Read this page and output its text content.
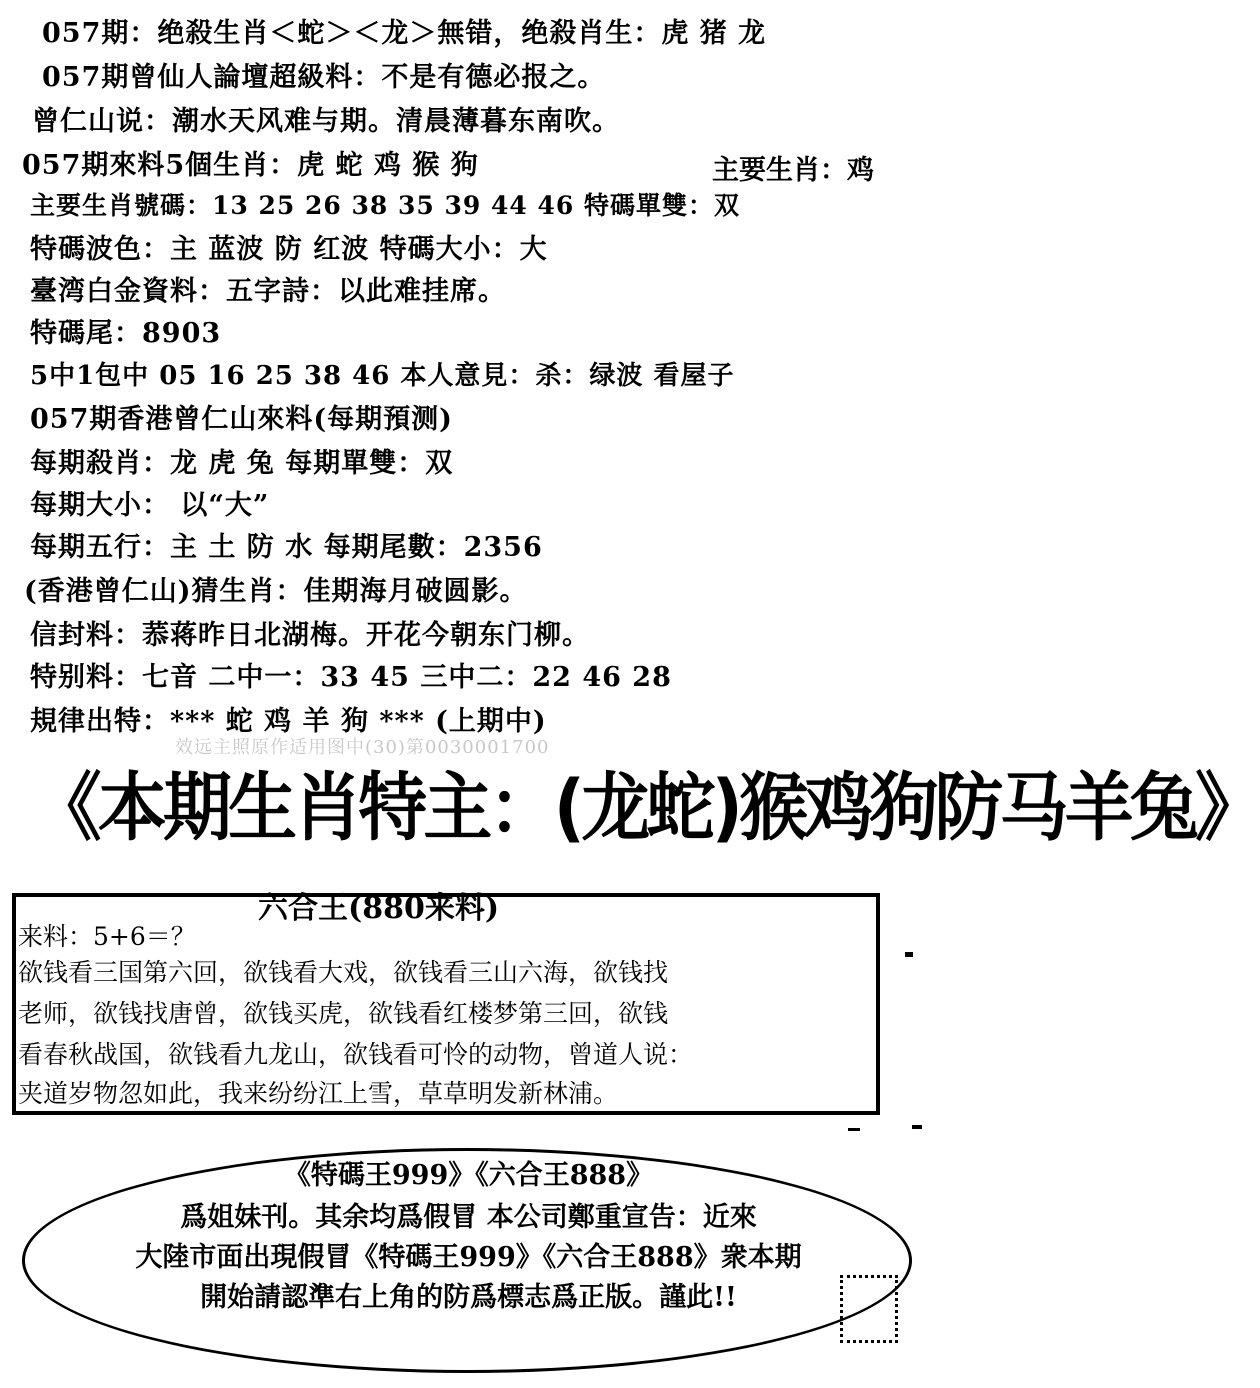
057期：绝殺生肖＜蛇＞＜龙＞無错，绝殺肖生：虎 猪 龙
057期曾仙人論壇超級料：不是有德必报之。
曾仁山说：潮水天风难与期。清晨薄暮东南吹。
057期來料5個生肖：虎 蛇 鸡 猴 狗	主要生肖：鸡
主要生肖號碼：13 25 26 38 35 39 44 46 特碼單雙：双
特碼波色：主 蓝波 防 红波 特碼大小：大
臺湾白金資料：五字詩：以此难挂席。
特碼尾：8903
5中1包中 05 16 25 38 46 本人意見：杀：绿波 看屋子
057期香港曾仁山來料(每期預测)
每期殺肖：龙 虎 兔 每期單雙：双
每期大小： 以“大”
每期五行：主 土 防 水 每期尾數：2356
(香港曾仁山)猜生肖：佳期海月破圆影。
信封料：菾蒋昨日北湖梅。开花今朝东门柳。
特别料：七音 二中一：33 45 三中二：22 46 28
規律出特：*** 蛇 鸡 羊 狗 *** (上期中)
效远主照原作适用图中(30)第0030001700
《本期生肖特主：(龙蛇)猴鸡狗防马羊兔》
六合王(880来料)
来料：5+6＝？
欲钱看三国第六回，欲钱看大戏，欲钱看三山六海，欲钱找
老师，欲钱找唐曾，欲钱买虎，欲钱看红楼梦第三回，欲钱
看春秋战国，欲钱看九龙山，欲钱看可怜的动物，曾道人说：
夹道岁物忽如此，我来纷纷江上雪，草草明发新林浦。
《特碼王999》《六合王888》
爲姐妹刊。其余均爲假冒 本公司鄭重宣告：近來
大陸市面出現假冒《特碼王999》《六合王888》衆本期
開始請認準右上角的防爲標志爲正版。謹此!!
